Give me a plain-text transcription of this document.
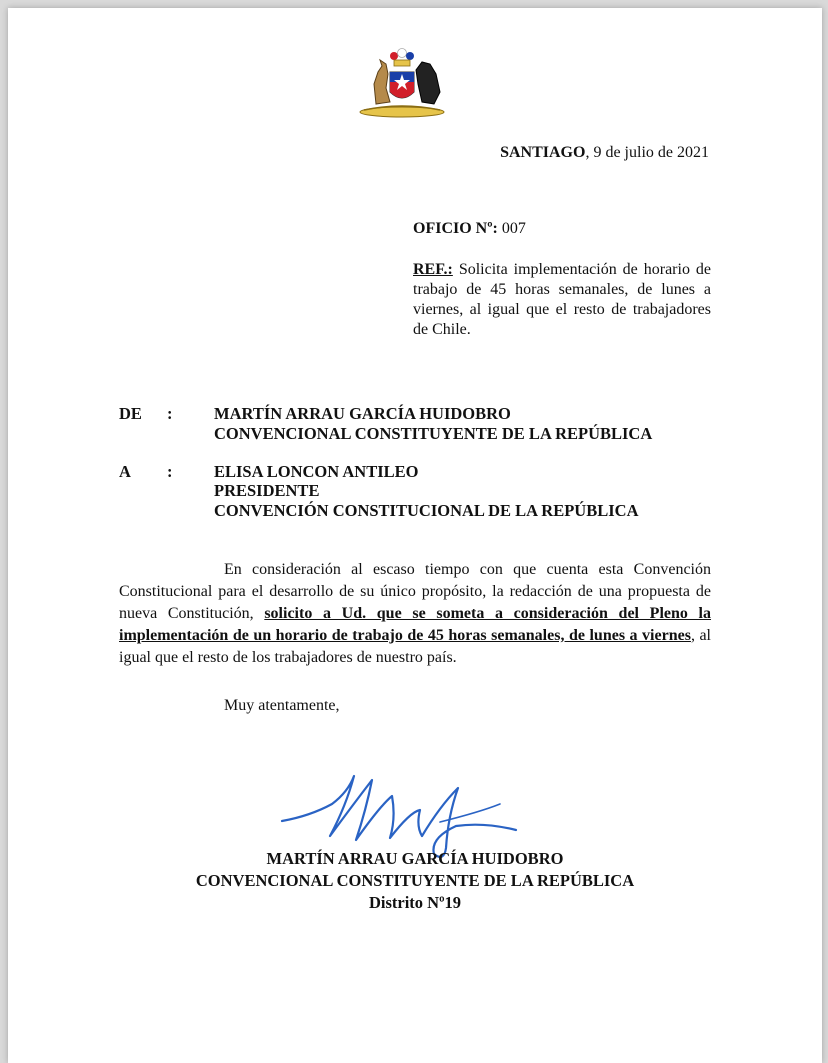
SANTIAGO, 9 de julio de 2021
OFICIO Nº: 007
REF.: Solicita implementación de horario de trabajo de 45 horas semanales, de lunes a viernes, al igual que el resto de trabajadores de Chile.
DE	:	MARTÍN ARRAU GARCÍA HUIDOBRO
CONVENCIONAL CONSTITUYENTE DE LA REPÚBLICA
A	:	ELISA LONCON ANTILEO
PRESIDENTE
CONVENCIÓN CONSTITUCIONAL DE LA REPÚBLICA
En consideración al escaso tiempo con que cuenta esta Convención Constitucional para el desarrollo de su único propósito, la redacción de una propuesta de nueva Constitución, solicito a Ud. que se someta a consideración del Pleno la implementación de un horario de trabajo de 45 horas semanales, de lunes a viernes, al igual que el resto de los trabajadores de nuestro país.
Muy atentamente,
MARTÍN ARRAU GARCÍA HUIDOBRO
CONVENCIONAL CONSTITUYENTE DE LA REPÚBLICA
Distrito Nº19
